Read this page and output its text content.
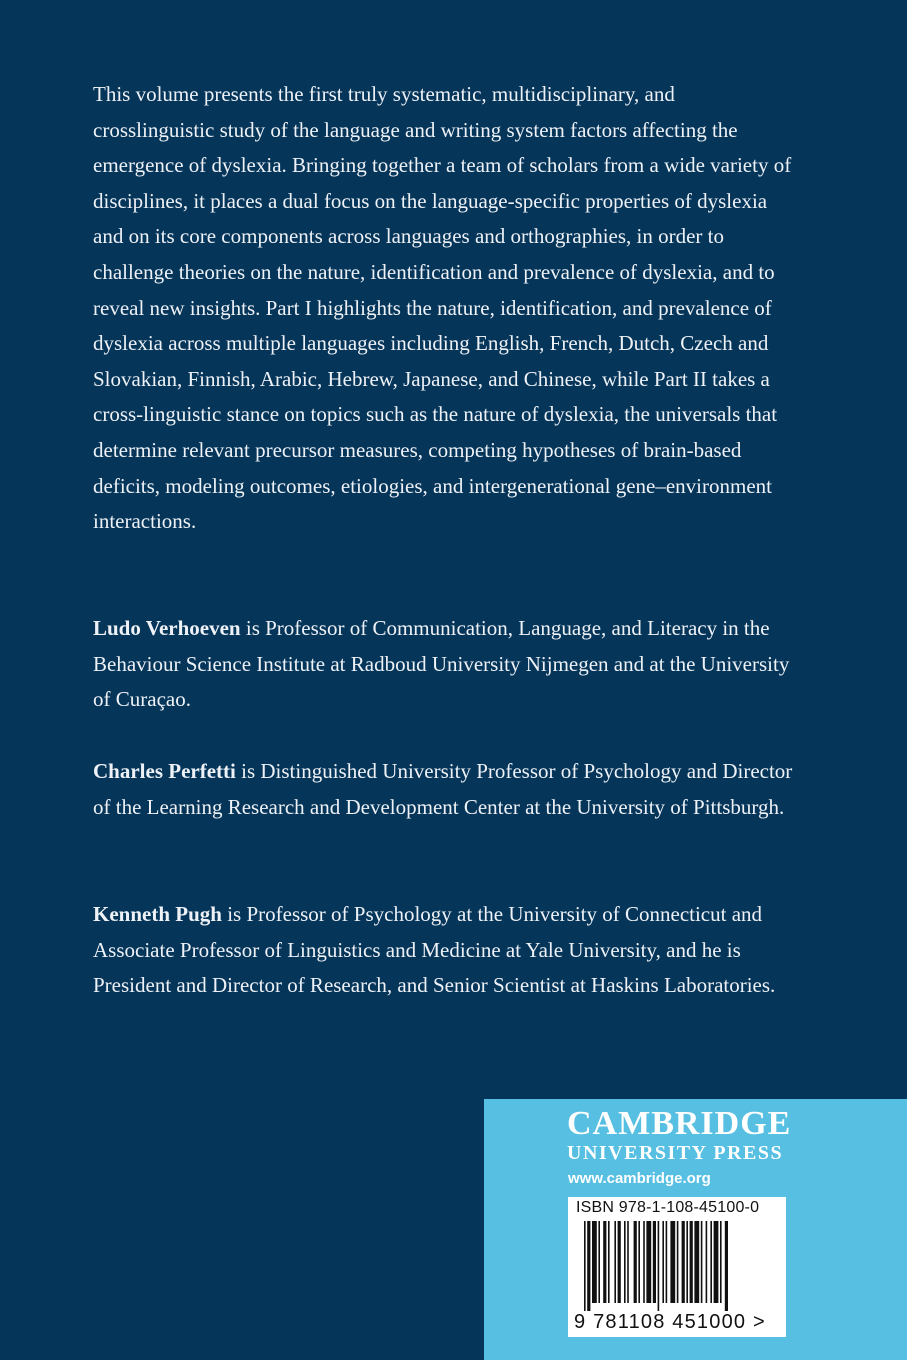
This volume presents the first truly systematic, multidisciplinary, and crosslinguistic study of the language and writing system factors affecting the emergence of dyslexia. Bringing together a team of scholars from a wide variety of disciplines, it places a dual focus on the language-specific properties of dyslexia and on its core components across languages and orthographies, in order to challenge theories on the nature, identification and prevalence of dyslexia, and to reveal new insights. Part I highlights the nature, identification, and prevalence of dyslexia across multiple languages including English, French, Dutch, Czech and Slovakian, Finnish, Arabic, Hebrew, Japanese, and Chinese, while Part II takes a cross-linguistic stance on topics such as the nature of dyslexia, the universals that determine relevant precursor measures, competing hypotheses of brain-based deficits, modeling outcomes, etiologies, and intergenerational gene–environment interactions.

Ludo Verhoeven is Professor of Communication, Language, and Literacy in the Behaviour Science Institute at Radboud University Nijmegen and at the University of Curaçao.

Charles Perfetti is Distinguished University Professor of Psychology and Director of the Learning Research and Development Center at the University of Pittsburgh.

Kenneth Pugh is Professor of Psychology at the University of Connecticut and Associate Professor of Linguistics and Medicine at Yale University, and he is President and Director of Research, and Senior Scientist at Haskins Laboratories.

CAMBRIDGE
UNIVERSITY PRESS
www.cambridge.org
ISBN 978-1-108-45100-0
9 781108 451000 >
